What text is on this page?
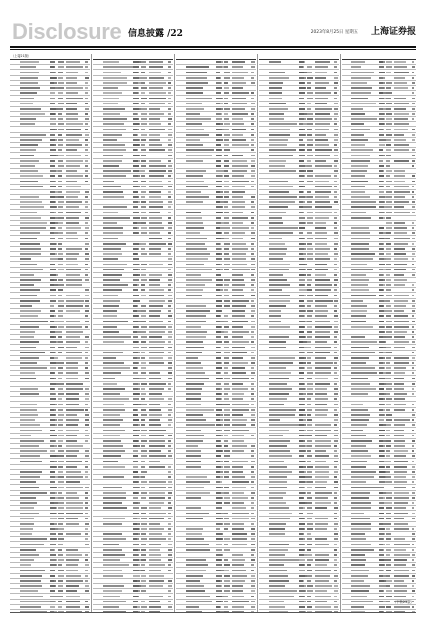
Disclosure 信息披露 /22	2023年8月25日 星期五 上海证券报
（上接21版）
（下转23版）
